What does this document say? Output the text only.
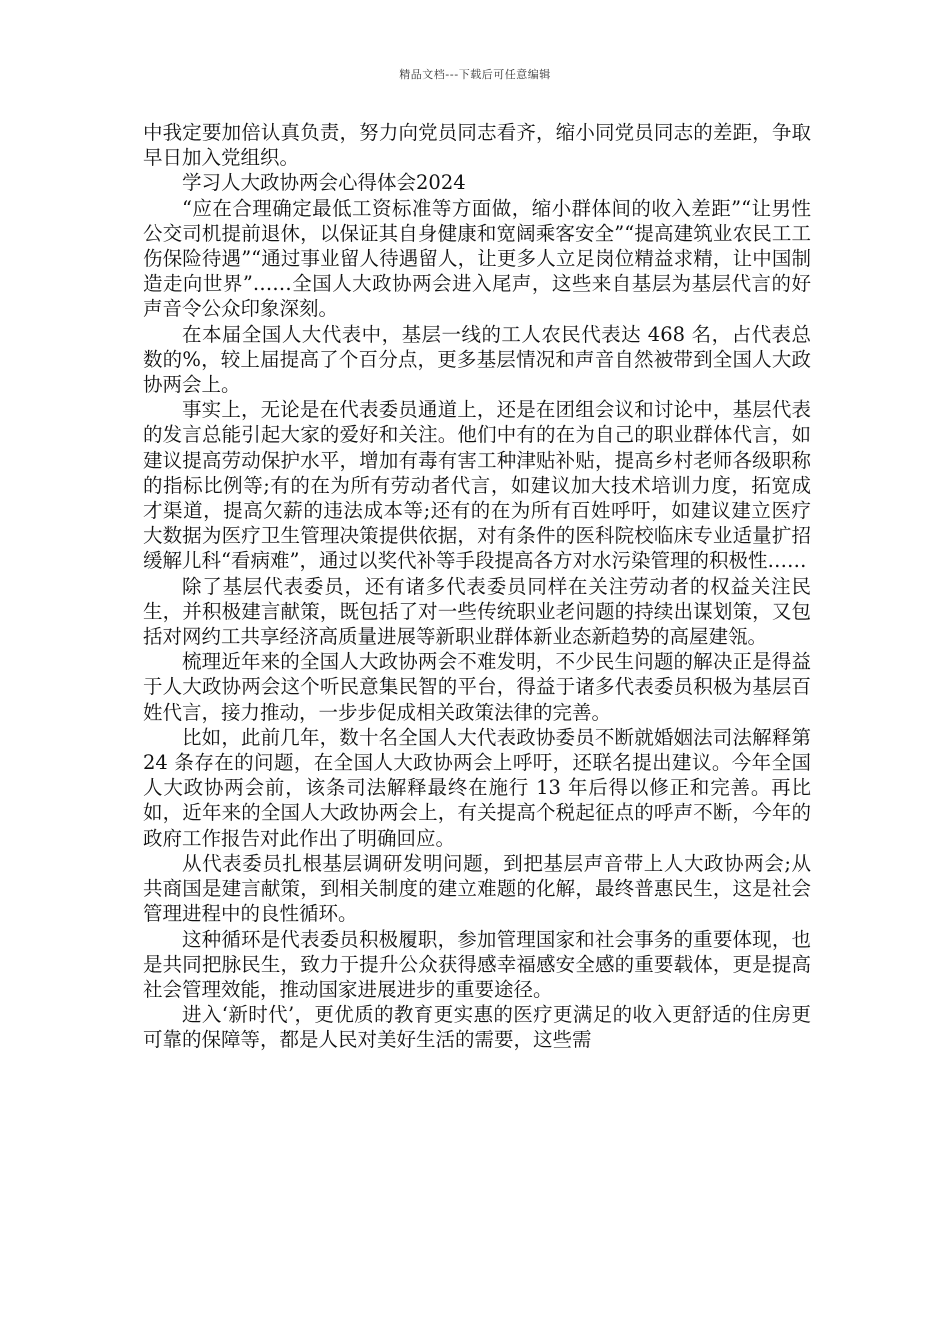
精品文档---下载后可任意编辑

中我定要加倍认真负责，努力向党员同志看齐，缩小同党员同志的差距，争取早日加入党组织。

学习人大政协两会心得体会2024

“应在合理确定最低工资标准等方面做，缩小群体间的收入差距”“让男性公交司机提前退休，以保证其自身健康和宽阔乘客安全”“提高建筑业农民工工伤保险待遇”“通过事业留人待遇留人，让更多人立足岗位精益求精，让中国制造走向世界”……全国人大政协两会进入尾声，这些来自基层为基层代言的好声音令公众印象深刻。

在本届全国人大代表中，基层一线的工人农民代表达 468 名，占代表总数的%，较上届提高了个百分点，更多基层情况和声音自然被带到全国人大政协两会上。

事实上，无论是在代表委员通道上，还是在团组会议和讨论中，基层代表的发言总能引起大家的爱好和关注。他们中有的在为自己的职业群体代言，如建议提高劳动保护水平，增加有毒有害工种津贴补贴，提高乡村老师各级职称的指标比例等;有的在为所有劳动者代言，如建议加大技术培训力度，拓宽成才渠道，提高欠薪的违法成本等;还有的在为所有百姓呼吁，如建议建立医疗大数据为医疗卫生管理决策提供依据，对有条件的医科院校临床专业适量扩招缓解儿科“看病难”，通过以奖代补等手段提高各方对水污染管理的积极性……

除了基层代表委员，还有诸多代表委员同样在关注劳动者的权益关注民生，并积极建言献策，既包括了对一些传统职业老问题的持续出谋划策，又包括对网约工共享经济高质量进展等新职业群体新业态新趋势的高屋建瓴。

梳理近年来的全国人大政协两会不难发明，不少民生问题的解决正是得益于人大政协两会这个听民意集民智的平台，得益于诸多代表委员积极为基层百姓代言，接力推动，一步步促成相关政策法律的完善。

比如，此前几年，数十名全国人大代表政协委员不断就婚姻法司法解释第 24 条存在的问题，在全国人大政协两会上呼吁，还联名提出建议。今年全国人大政协两会前，该条司法解释最终在施行 13 年后得以修正和完善。再比如，近年来的全国人大政协两会上，有关提高个税起征点的呼声不断，今年的政府工作报告对此作出了明确回应。

从代表委员扎根基层调研发明问题，到把基层声音带上人大政协两会;从共商国是建言献策，到相关制度的建立难题的化解，最终普惠民生，这是社会管理进程中的良性循环。

这种循环是代表委员积极履职，参加管理国家和社会事务的重要体现，也是共同把脉民生，致力于提升公众获得感幸福感安全感的重要载体，更是提高社会管理效能，推动国家进展进步的重要途径。

进入‘新时代’，更优质的教育更实惠的医疗更满足的收入更舒适的住房更可靠的保障等，都是人民对美好生活的需要，这些需
